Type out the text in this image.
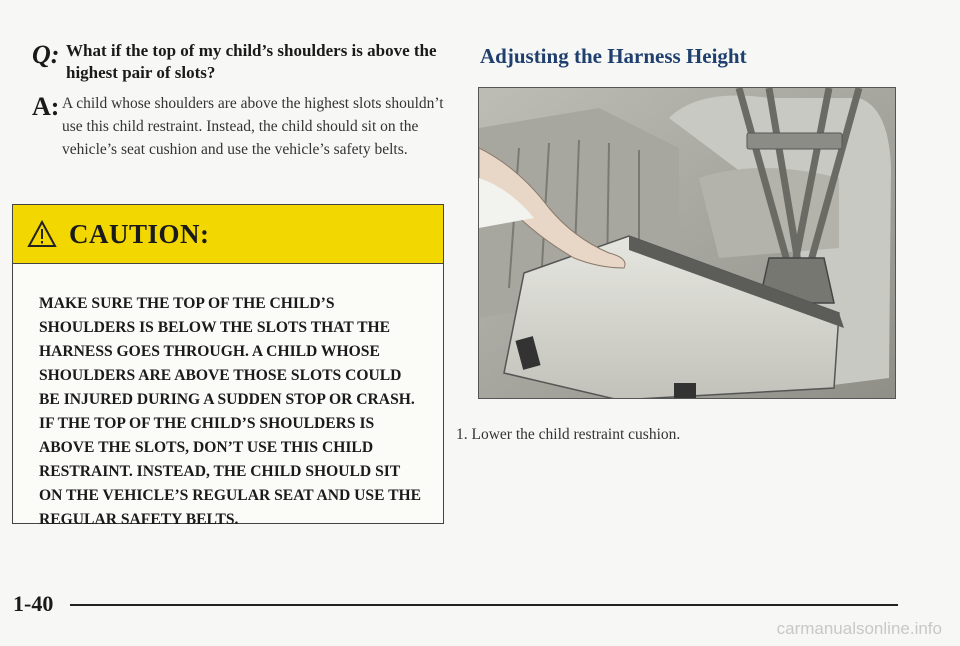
Q: What if the top of my child’s shoulders is above the highest pair of slots?
A: A child whose shoulders are above the highest slots shouldn’t use this child restraint. Instead, the child should sit on the vehicle’s seat cushion and use the vehicle’s safety belts.
CAUTION:
MAKE SURE THE TOP OF THE CHILD’S SHOULDERS IS BELOW THE SLOTS THAT THE HARNESS GOES THROUGH. A CHILD WHOSE SHOULDERS ARE ABOVE THOSE SLOTS COULD BE INJURED DURING A SUDDEN STOP OR CRASH. IF THE TOP OF THE CHILD’S SHOULDERS IS ABOVE THE SLOTS, DON’T USE THIS CHILD RESTRAINT. INSTEAD, THE CHILD SHOULD SIT ON THE VEHICLE’S REGULAR SEAT AND USE THE REGULAR SAFETY BELTS.
Adjusting the Harness Height
1. Lower the child restraint cushion.
1-40
carmanualsonline.info
